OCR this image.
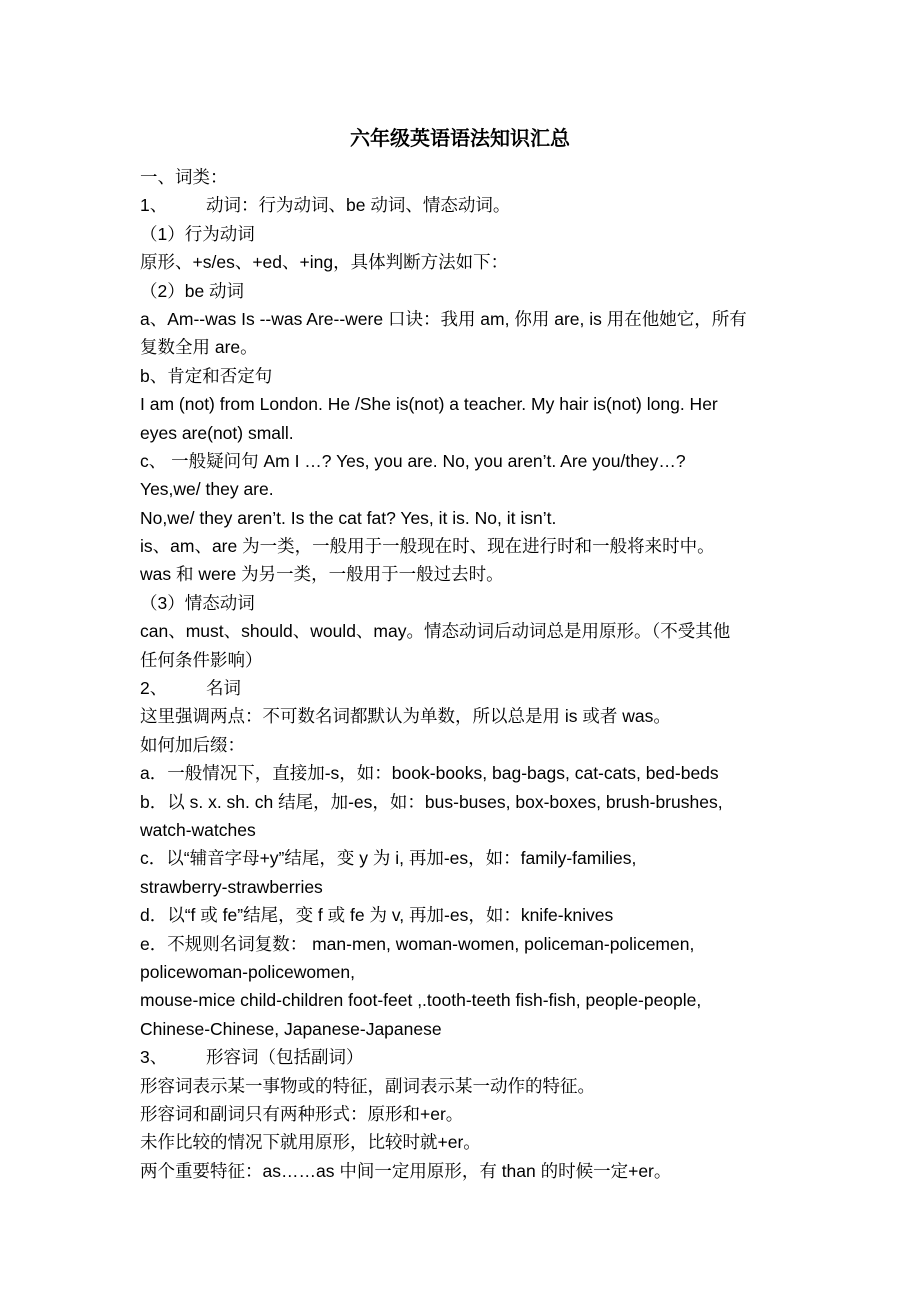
六年级英语语法知识汇总
一、词类：
1、 动词：行为动词、be 动词、情态动词。
（1）行为动词
原形、+s/es、+ed、+ing，具体判断方法如下：
（2）be 动词
a、Am--was Is --was Are--were 口诀：我用 am, 你用 are, is 用在他她它，所有
复数全用 are。
b、肯定和否定句
I am (not) from London. He /She is(not) a teacher. My hair is(not) long. Her
eyes are(not) small.
c、 一般疑问句 Am I …? Yes, you are. No, you aren’t. Are you/they…?
Yes,we/ they are.
No,we/ they aren’t. Is the cat fat? Yes, it is. No, it isn’t.
is、am、are 为一类，一般用于一般现在时、现在进行时和一般将来时中。
was 和 were 为另一类，一般用于一般过去时。
（3）情态动词
can、must、should、would、may。情态动词后动词总是用原形。（不受其他
任何条件影响）
2、 名词
这里强调两点：不可数名词都默认为单数，所以总是用 is 或者 was。
如何加后缀：
a．一般情况下，直接加-s，如：book-books, bag-bags, cat-cats, bed-beds
b．以 s. x. sh. ch 结尾，加-es，如：bus-buses, box-boxes, brush-brushes,
watch-watches
c．以“辅音字母+y”结尾，变 y 为 i, 再加-es，如：family-families,
strawberry-strawberries
d．以“f 或 fe”结尾，变 f 或 fe 为 v, 再加-es，如：knife-knives
e．不规则名词复数： man-men, woman-women, policeman-policemen,
policewoman-policewomen,
mouse-mice child-children foot-feet ,.tooth-teeth fish-fish, people-people,
Chinese-Chinese, Japanese-Japanese
3、 形容词（包括副词）
形容词表示某一事物或的特征，副词表示某一动作的特征。
形容词和副词只有两种形式：原形和+er。
未作比较的情况下就用原形，比较时就+er。
两个重要特征：as……as 中间一定用原形，有 than 的时候一定+er。
